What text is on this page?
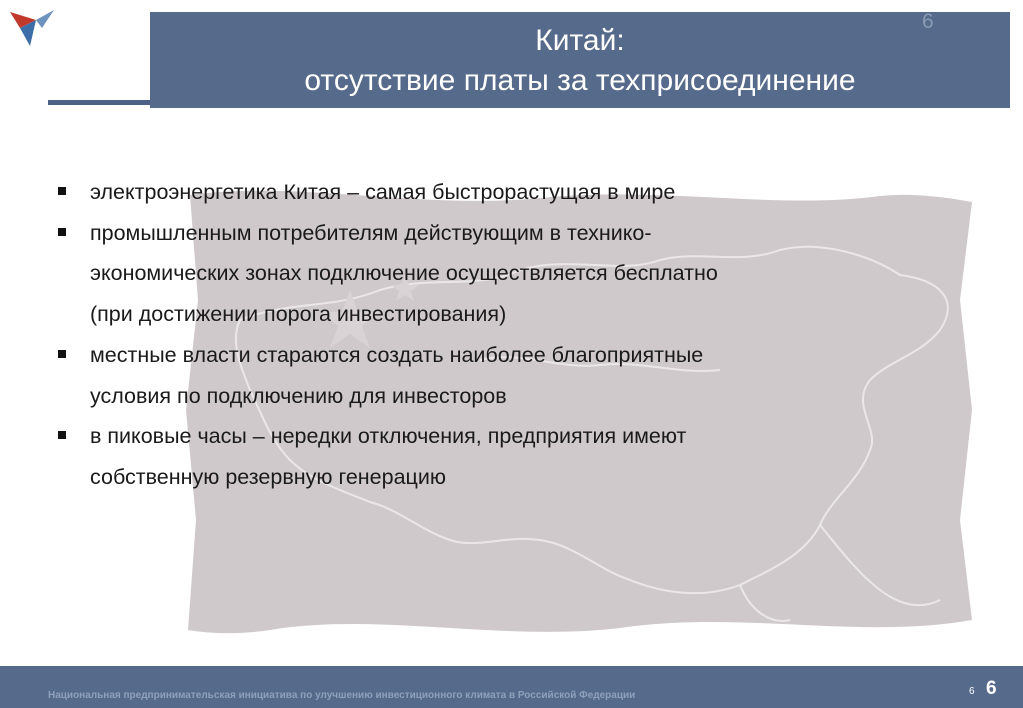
Китай:
отсутствие платы за техприсоединение
6
электроэнергетика Китая – самая быстрорастущая в мире
промышленным потребителям действующим в технико-
экономических зонах подключение осуществляется бесплатно
(при достижении порога инвестирования)
местные власти стараются создать наиболее благоприятные
условия по подключению для инвесторов
в пиковые часы – нередки отключения, предприятия имеют
собственную резервную генерацию
Национальная предпринимательская инициатива по улучшению инвестиционного климата в Российской Федерации	6 6
